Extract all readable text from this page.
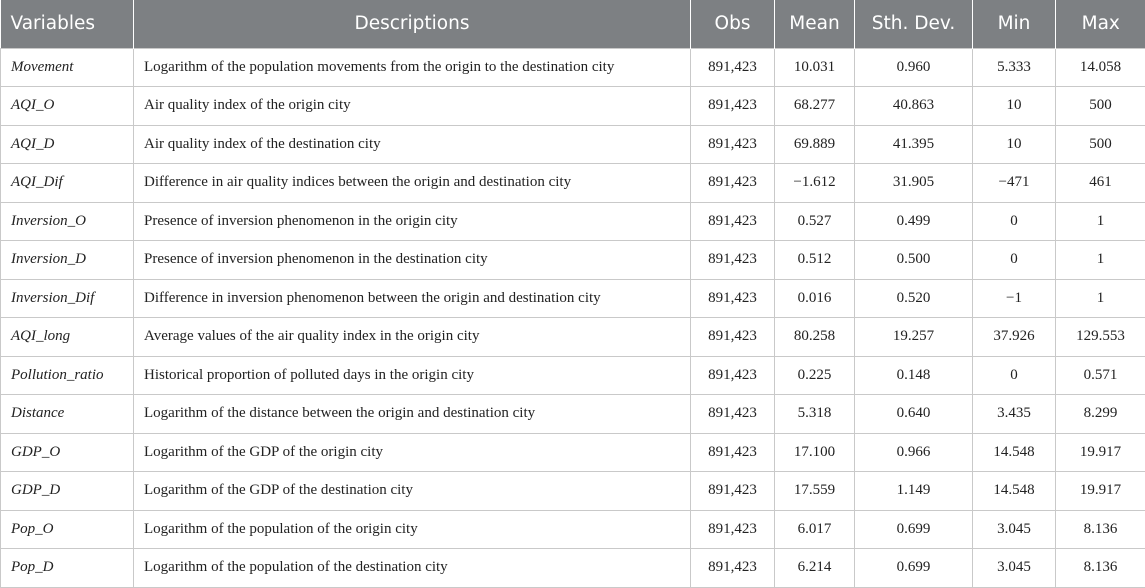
Variables	Descriptions	Obs	Mean	Sth. Dev.	Min	Max
Movement	Logarithm of the population movements from the origin to the destination city	891,423	10.031	0.960	5.333	14.058
AQI_O	Air quality index of the origin city	891,423	68.277	40.863	10	500
AQI_D	Air quality index of the destination city	891,423	69.889	41.395	10	500
AQI_Dif	Difference in air quality indices between the origin and destination city	891,423	−1.612	31.905	−471	461
Inversion_O	Presence of inversion phenomenon in the origin city	891,423	0.527	0.499	0	1
Inversion_D	Presence of inversion phenomenon in the destination city	891,423	0.512	0.500	0	1
Inversion_Dif	Difference in inversion phenomenon between the origin and destination city	891,423	0.016	0.520	−1	1
AQI_long	Average values of the air quality index in the origin city	891,423	80.258	19.257	37.926	129.553
Pollution_ratio	Historical proportion of polluted days in the origin city	891,423	0.225	0.148	0	0.571
Distance	Logarithm of the distance between the origin and destination city	891,423	5.318	0.640	3.435	8.299
GDP_O	Logarithm of the GDP of the origin city	891,423	17.100	0.966	14.548	19.917
GDP_D	Logarithm of the GDP of the destination city	891,423	17.559	1.149	14.548	19.917
Pop_O	Logarithm of the population of the origin city	891,423	6.017	0.699	3.045	8.136
Pop_D	Logarithm of the population of the destination city	891,423	6.214	0.699	3.045	8.136
